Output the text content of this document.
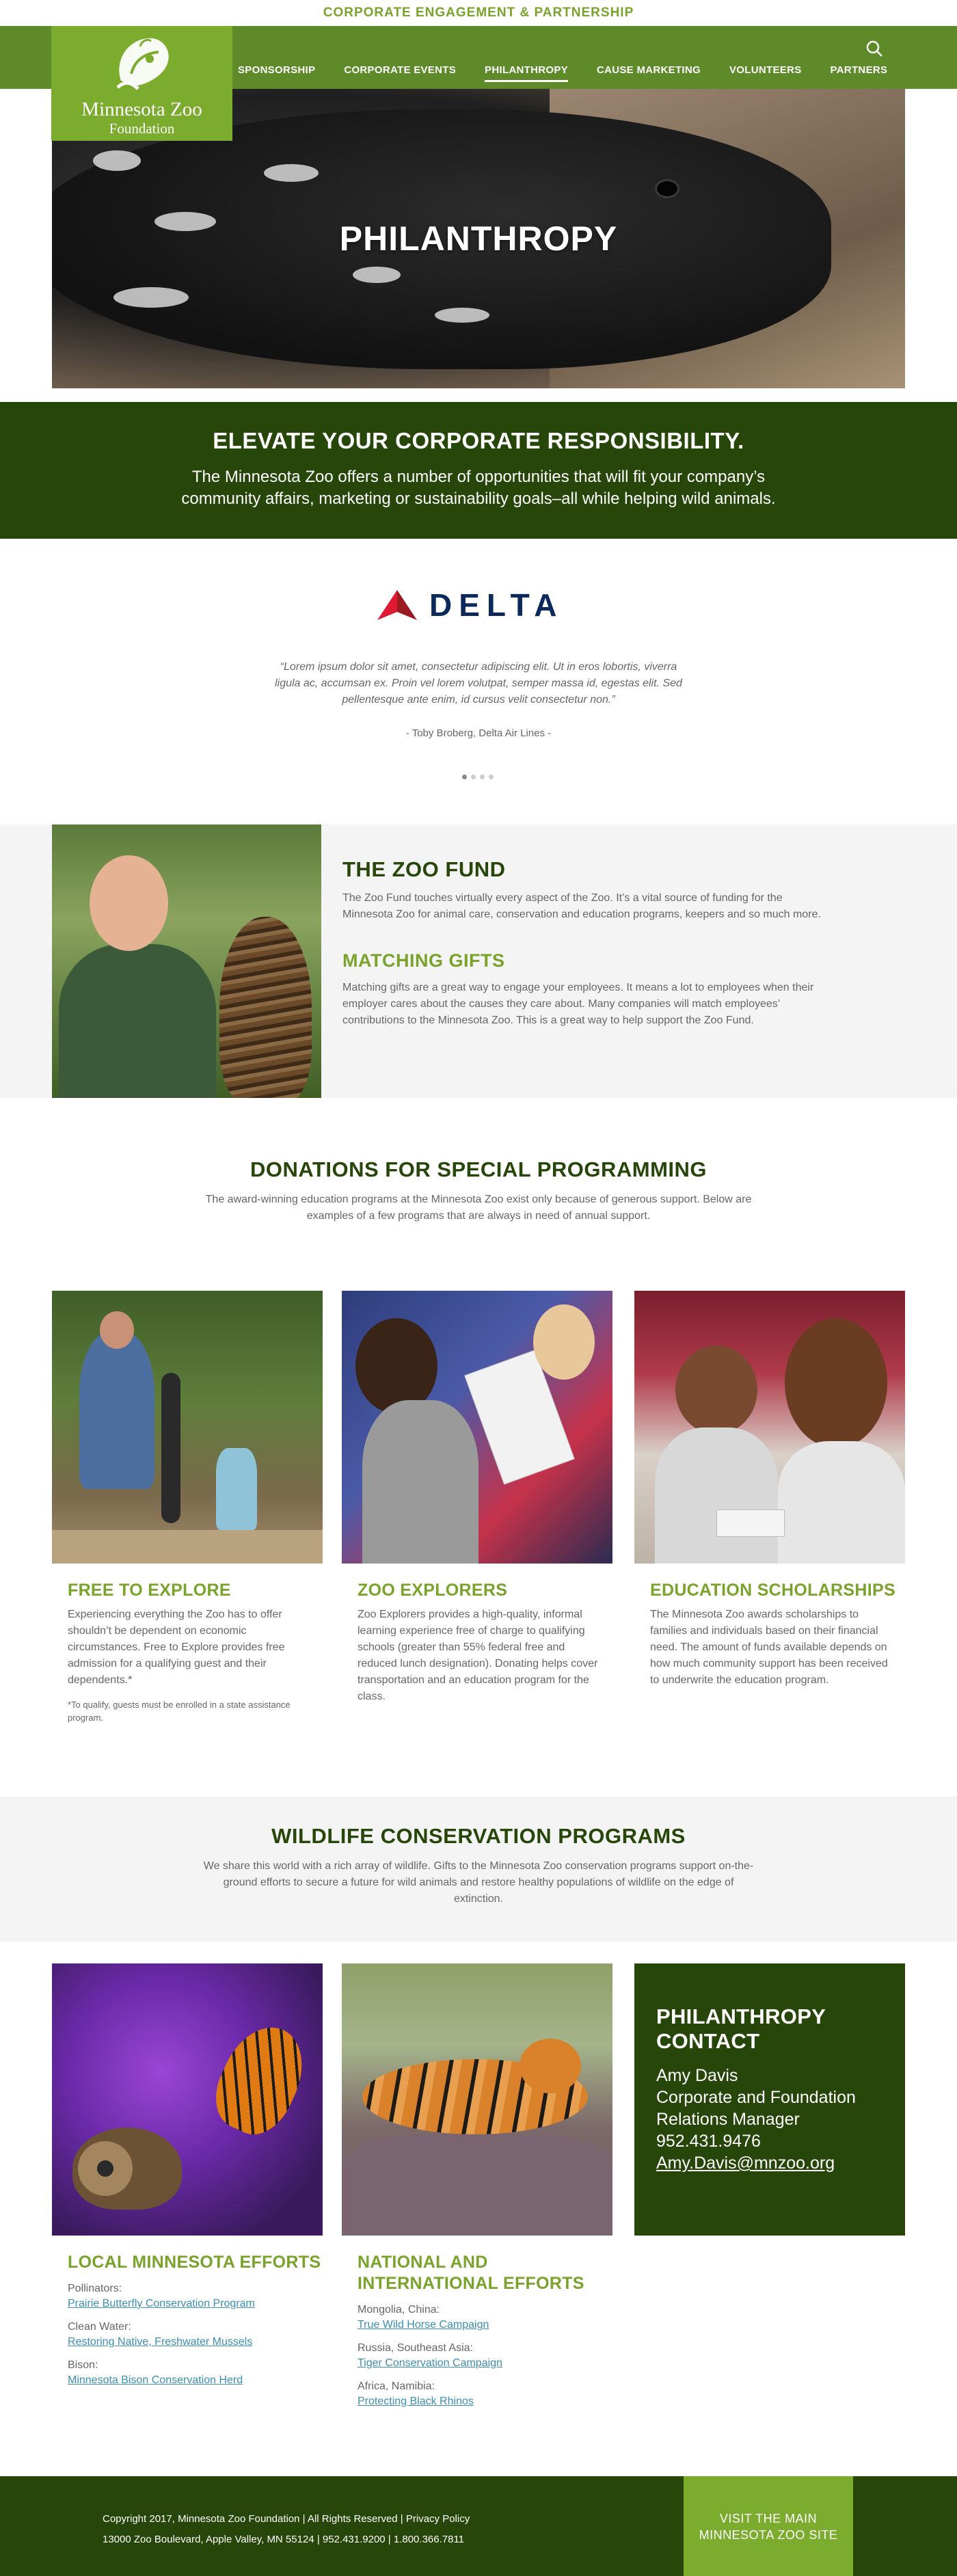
CORPORATE ENGAGEMENT & PARTNERSHIP
Minnesota Zoo
Foundation
SPONSORSHIP	CORPORATE EVENTS	PHILANTHROPY	CAUSE MARKETING	VOLUNTEERS	PARTNERS
PHILANTHROPY
ELEVATE YOUR CORPORATE RESPONSIBILITY.

The Minnesota Zoo offers a number of opportunities that will fit your company’s
community affairs, marketing or sustainability goals–all while helping wild animals.

DELTA

“Lorem ipsum dolor sit amet, consectetur adipiscing elit. Ut in eros lobortis, viverra ligula ac, accumsan ex. Proin vel lorem volutpat, semper massa id, egestas elit. Sed pellentesque ante enim, id cursus velit consectetur non.”

- Toby Broberg, Delta Air Lines -

THE ZOO FUND

The Zoo Fund touches virtually every aspect of the Zoo. It’s a vital source of funding for the Minnesota Zoo for animal care, conservation and education programs, keepers and so much more.

MATCHING GIFTS

Matching gifts are a great way to engage your employees. It means a lot to employees when their employer cares about the causes they care about. Many companies will match employees’ contributions to the Minnesota Zoo. This is a great way to help support the Zoo Fund.

DONATIONS FOR SPECIAL PROGRAMMING

The award-winning education programs at the Minnesota Zoo exist only because of generous support. Below are examples of a few programs that are always in need of annual support.

FREE TO EXPLORE

Experiencing everything the Zoo has to offer shouldn’t be dependent on economic circumstances. Free to Explore provides free admission for a qualifying guest and their dependents.*

*To qualify, guests must be enrolled in a state assistance program.

ZOO EXPLORERS

Zoo Explorers provides a high-quality, informal learning experience free of charge to qualifying schools (greater than 55% federal free and reduced lunch designation). Donating helps cover transportation and an education program for the class.

EDUCATION SCHOLARSHIPS

The Minnesota Zoo awards scholarships to families and individuals based on their financial need. The amount of funds available depends on how much community support has been received to underwrite the education program.

WILDLIFE CONSERVATION PROGRAMS

We share this world with a rich array of wildlife. Gifts to the Minnesota Zoo conservation programs support on-the-ground efforts to secure a future for wild animals and restore healthy populations of wildlife on the edge of extinction.

LOCAL MINNESOTA EFFORTS
Pollinators:
Prairie Butterfly Conservation Program
Clean Water:
Restoring Native, Freshwater Mussels
Bison:
Minnesota Bison Conservation Herd
NATIONAL AND INTERNATIONAL EFFORTS
Mongolia, China:
True Wild Horse Campaign
Russia, Southeast Asia:
Tiger Conservation Campaign
Africa, Namibia:
Protecting Black Rhinos
PHILANTHROPY CONTACT
Amy Davis
Corporate and Foundation Relations Manager
952.431.9476
Amy.Davis@mnzoo.org
Copyright 2017, Minnesota Zoo Foundation | All Rights Reserved | Privacy Policy
13000 Zoo Boulevard, Apple Valley, MN 55124 | 952.431.9200 | 1.800.366.7811
VISIT THE MAIN
MINNESOTA ZOO SITE
